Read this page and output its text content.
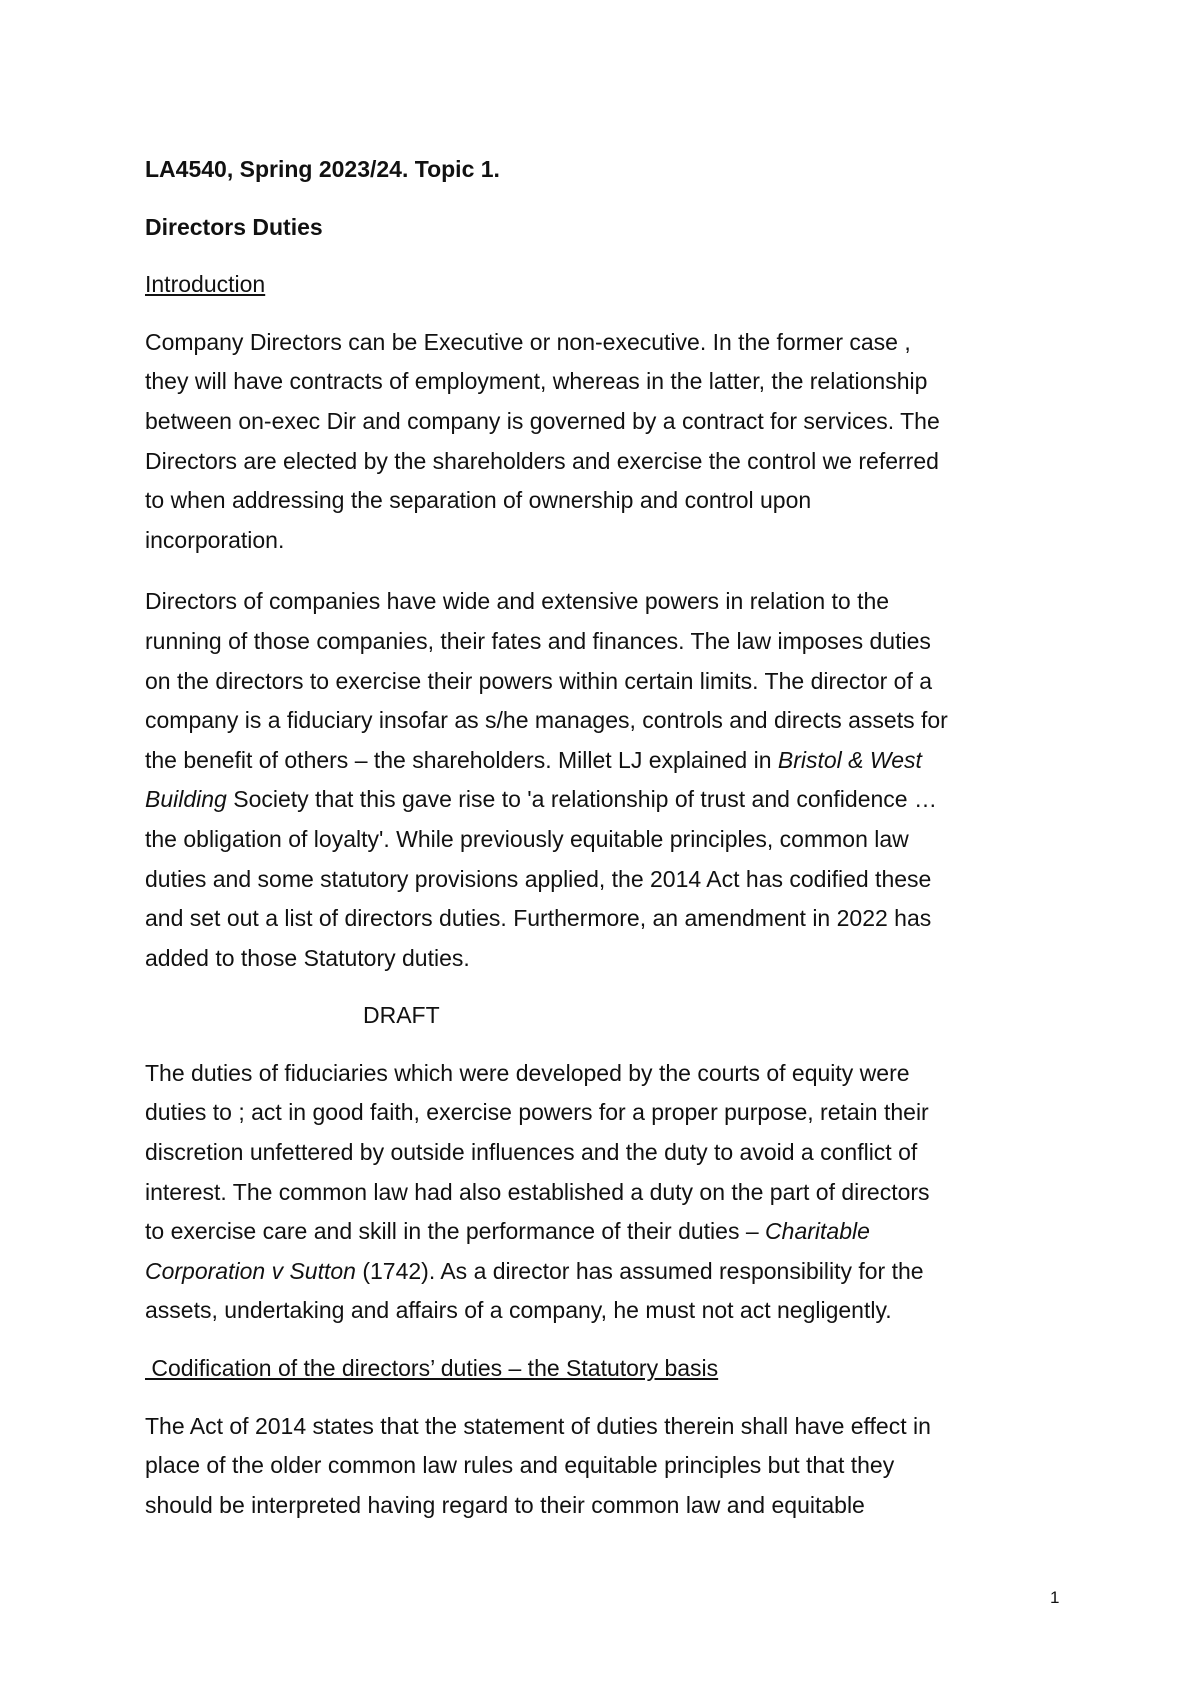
LA4540, Spring 2023/24. Topic 1.
Directors Duties
Introduction
Company Directors can be Executive or non-executive. In the former case ,
they will have contracts of employment, whereas in the latter, the relationship
between on-exec Dir and company is governed by a contract for services. The
Directors are elected by the shareholders and exercise the control we referred
to when addressing the separation of ownership and control upon
incorporation.
Directors of companies have wide and extensive powers in relation to the
running of those companies, their fates and finances. The law imposes duties
on the directors to exercise their powers within certain limits. The director of a
company is a fiduciary insofar as s/he manages, controls and directs assets for
the benefit of others – the shareholders. Millet LJ explained in Bristol & West
Building Society that this gave rise to 'a relationship of trust and confidence …
the obligation of loyalty'. While previously equitable principles, common law
duties and some statutory provisions applied, the 2014 Act has codified these
and set out a list of directors duties. Furthermore, an amendment in 2022 has
added to those Statutory duties.
DRAFT
The duties of fiduciaries which were developed by the courts of equity were
duties to ; act in good faith, exercise powers for a proper purpose, retain their
discretion unfettered by outside influences and the duty to avoid a conflict of
interest. The common law had also established a duty on the part of directors
to exercise care and skill in the performance of their duties – Charitable
Corporation v Sutton (1742). As a director has assumed responsibility for the
assets, undertaking and affairs of a company, he must not act negligently.
Codification of the directors’ duties – the Statutory basis
The Act of 2014 states that the statement of duties therein shall have effect in
place of the older common law rules and equitable principles but that they
should be interpreted having regard to their common law and equitable
1
